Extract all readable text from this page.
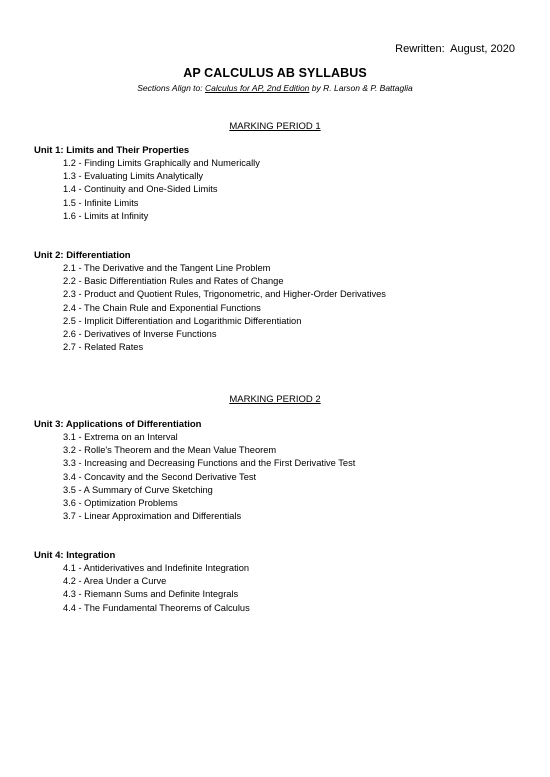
Rewritten:  August, 2020
AP CALCULUS AB SYLLABUS
Sections Align to: Calculus for AP, 2nd Edition by R. Larson & P. Battaglia
MARKING PERIOD 1
Unit 1: Limits and Their Properties
1.2 - Finding Limits Graphically and Numerically
1.3 - Evaluating Limits Analytically
1.4 - Continuity and One-Sided Limits
1.5 - Infinite Limits
1.6 - Limits at Infinity
Unit 2: Differentiation
2.1 - The Derivative and the Tangent Line Problem
2.2 - Basic Differentiation Rules and Rates of Change
2.3 - Product and Quotient Rules, Trigonometric, and Higher-Order Derivatives
2.4 - The Chain Rule and Exponential Functions
2.5 - Implicit Differentiation and Logarithmic Differentiation
2.6 - Derivatives of Inverse Functions
2.7 - Related Rates
MARKING PERIOD 2
Unit 3: Applications of Differentiation
3.1 - Extrema on an Interval
3.2 - Rolle's Theorem and the Mean Value Theorem
3.3 - Increasing and Decreasing Functions and the First Derivative Test
3.4 - Concavity and the Second Derivative Test
3.5 - A Summary of Curve Sketching
3.6 - Optimization Problems
3.7 - Linear Approximation and Differentials
Unit 4: Integration
4.1 - Antiderivatives and Indefinite Integration
4.2 - Area Under a Curve
4.3 - Riemann Sums and Definite Integrals
4.4 - The Fundamental Theorems of Calculus
